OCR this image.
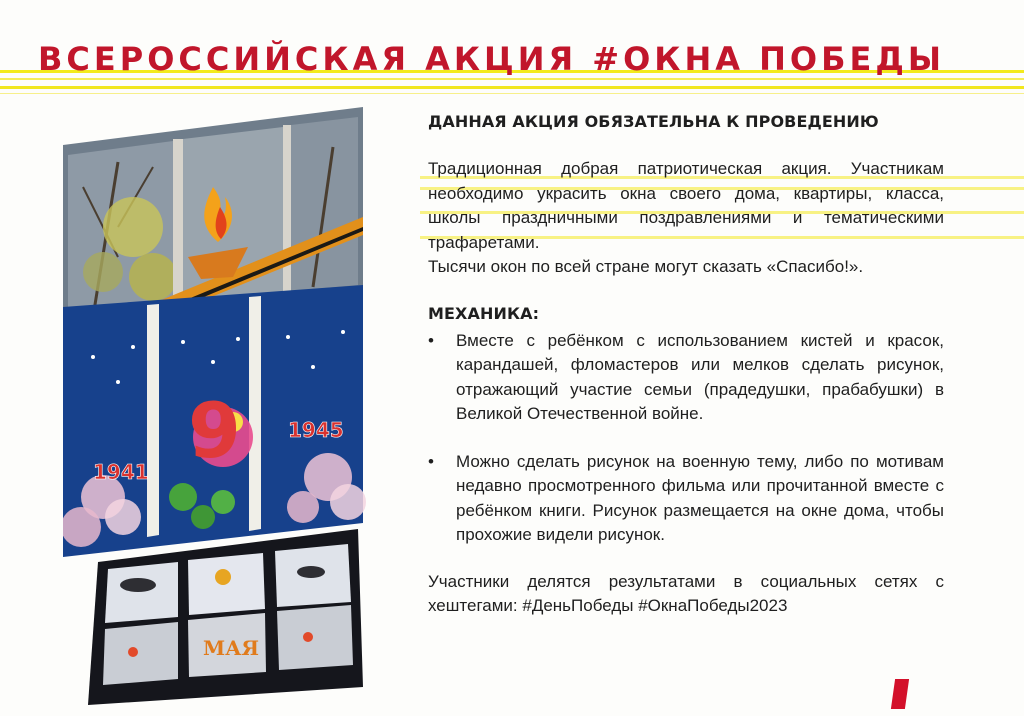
ВСЕРОССИЙСКАЯ АКЦИЯ #ОКНА ПОБЕДЫ
1941
1945
9
МАЯ

ДАННАЯ АКЦИЯ ОБЯЗАТЕЛЬНА К ПРОВЕДЕНИЮ

Традиционная добрая патриотическая акция. Участникам необходимо украсить окна своего дома, квартиры, класса, школы праздничными поздравлениями и тематическими трафаретами.

Тысячи окон по всей стране могут сказать «Спасибо!».

МЕХАНИКА:

• Вместе с ребёнком с использованием кистей и красок, карандашей, фломастеров или мелков сделать рисунок, отражающий участие семьи (прадедушки, прабабушки) в Великой Отечественной войне.
• Можно сделать рисунок на военную тему, либо по мотивам недавно просмотренного фильма или прочитанной вместе с ребёнком книги. Рисунок размещается на окне дома, чтобы прохожие видели рисунок.

Участники делятся результатами в социальных сетях с хештегами: #ДеньПобеды #ОкнаПобеды2023
